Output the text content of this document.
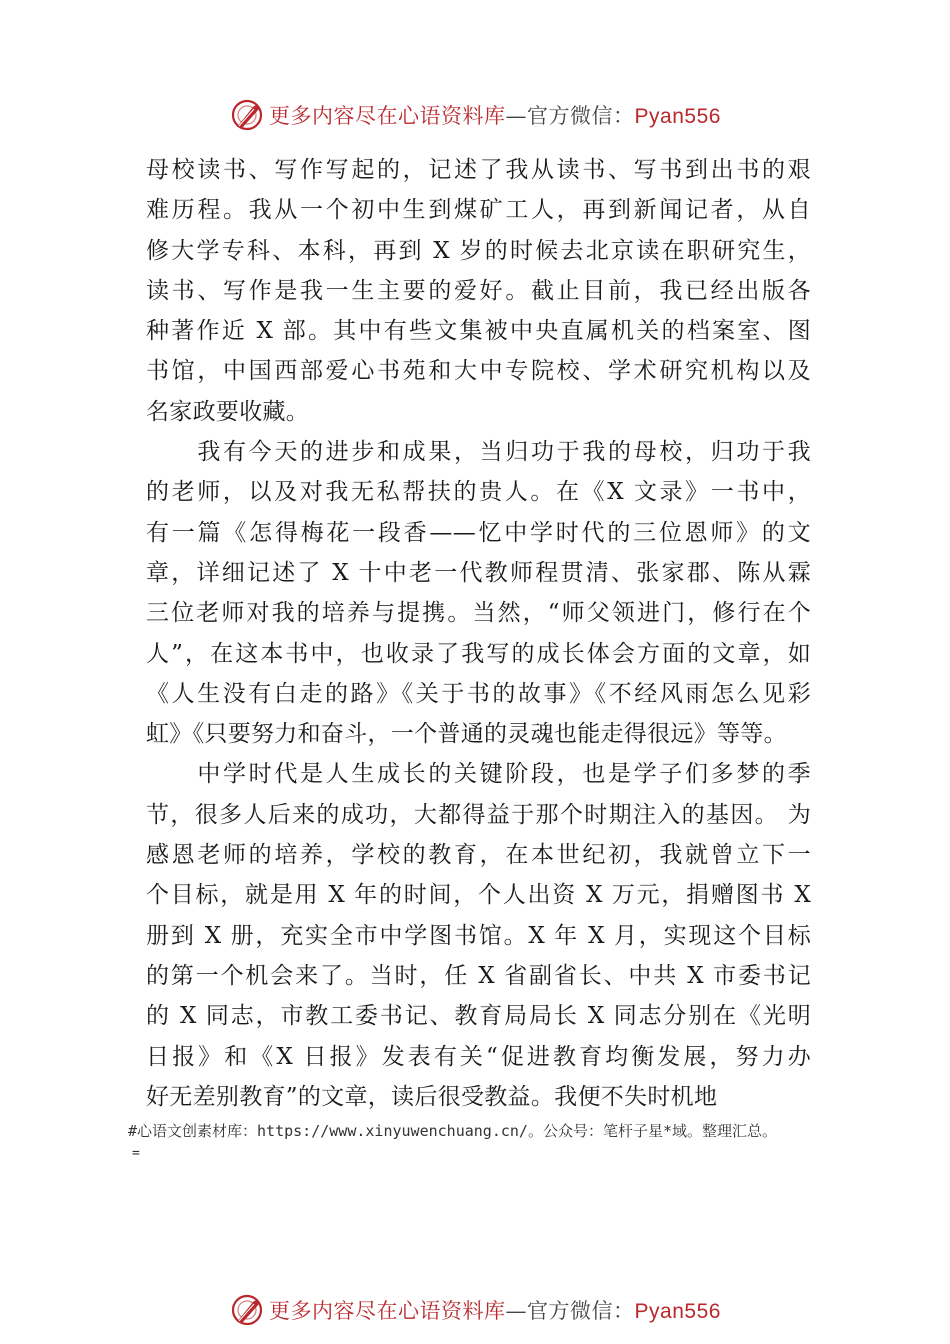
更多内容尽在心语资料库—官方微信：Pyan556
母校读书、写作写起的，记述了我从读书、写书到出书的艰
难历程。我从一个初中生到煤矿工人，再到新闻记者，从自
修大学专科、本科，再到 X 岁的时候去北京读在职研究生，
读书、写作是我一生主要的爱好。截止目前，我已经出版各
种著作近 X 部。其中有些文集被中央直属机关的档案室、图
书馆，中国西部爱心书苑和大中专院校、学术研究机构以及
名家政要收藏。
　　我有今天的进步和成果，当归功于我的母校，归功于我
的老师，以及对我无私帮扶的贵人。在《X 文录》一书中，
有一篇《怎得梅花一段香——忆中学时代的三位恩师》的文
章，详细记述了 X 十中老一代教师程贯清、张家郡、陈从霖
三位老师对我的培养与提携。当然，“师父领进门，修行在个
人”，在这本书中，也收录了我写的成长体会方面的文章，如
《人生没有白走的路》《关于书的故事》《不经风雨怎么见彩
虹》《只要努力和奋斗，一个普通的灵魂也能走得很远》等等。
　　中学时代是人生成长的关键阶段，也是学子们多梦的季
节，很多人后来的成功，大都得益于那个时期注入的基因。 为
感恩老师的培养，学校的教育，在本世纪初，我就曾立下一
个目标，就是用 X 年的时间，个人出资 X 万元，捐赠图书 X
册到 X 册，充实全市中学图书馆。X 年 X 月，实现这个目标
的第一个机会来了。当时，任 X 省副省长、中共 X 市委书记
的 X 同志，市教工委书记、教育局局长 X 同志分别在《光明
日报》和《X 日报》发表有关“促进教育均衡发展，努力办
好无差别教育”的文章，读后很受教益。我便不失时机地
#心语文创素材库：https://www.xinyuwenchuang.cn/。公众号：笔杆子星*域。整理汇总。
=
更多内容尽在心语资料库—官方微信：Pyan556
